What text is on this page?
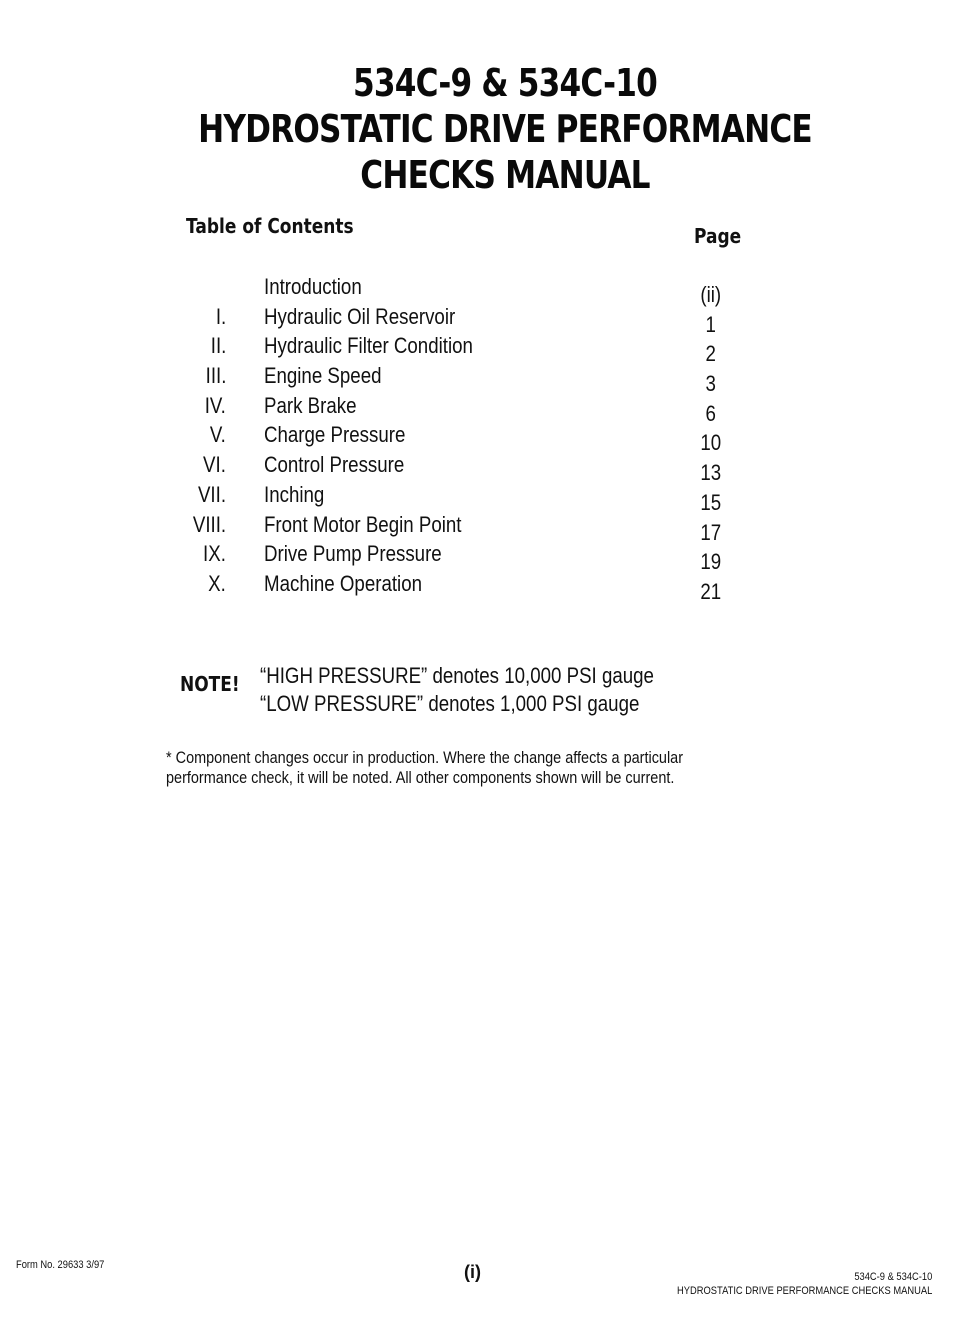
534C-9 & 534C-10
HYDROSTATIC DRIVE PERFORMANCE
CHECKS MANUAL
Table of Contents	Page
Introduction	(ii)
I. Hydraulic Oil Reservoir	1
II. Hydraulic Filter Condition	2
III. Engine Speed	3
IV. Park Brake	6
V. Charge Pressure	10
VI. Control Pressure	13
VII. Inching	15
VIII. Front Motor Begin Point	17
IX. Drive Pump Pressure	19
X. Machine Operation	21
NOTE! “HIGH PRESSURE” denotes 10,000 PSI gauge
“LOW PRESSURE” denotes 1,000 PSI gauge
* Component changes occur in production. Where the change affects a particular performance check, it will be noted. All other components shown will be current.
Form No. 29633 3/97	(i)	534C-9 & 534C-10
HYDROSTATIC DRIVE PERFORMANCE CHECKS MANUAL
